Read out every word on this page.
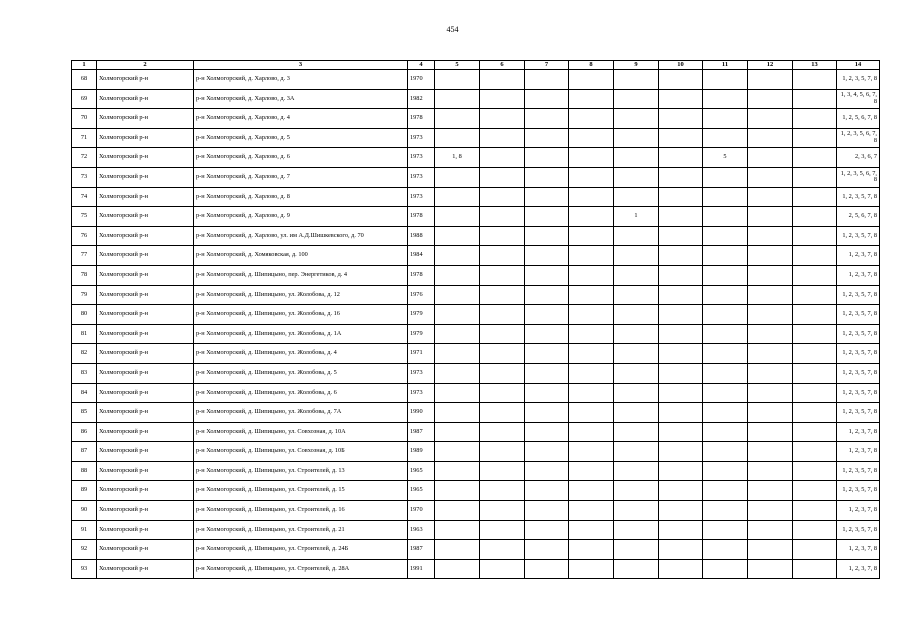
454
1	2	3	4	5	6	7	8	9	10	11	12	13	14
68	Холмогорский р-н	р-н Холмогорский, д. Харлово, д. 3	1970										1, 2, 3, 5, 7, 8
69	Холмогорский р-н	р-н Холмогорский, д. Харлово, д. 3А	1982										1, 3, 4, 5, 6, 7, 8
70	Холмогорский р-н	р-н Холмогорский, д. Харлово, д. 4	1978										1, 2, 5, 6, 7, 8
71	Холмогорский р-н	р-н Холмогорский, д. Харлово, д. 5	1973										1, 2, 3, 5, 6, 7, 8
72	Холмогорский р-н	р-н Холмогорский, д. Харлово, д. 6	1973	1, 8						5			2, 3, 6, 7
73	Холмогорский р-н	р-н Холмогорский, д. Харлово, д. 7	1973										1, 2, 3, 5, 6, 7, 8
74	Холмогорский р-н	р-н Холмогорский, д. Харлово, д. 8	1973										1, 2, 3, 5, 7, 8
75	Холмогорский р-н	р-н Холмогорский, д. Харлово, д. 9	1978					1					2, 5, 6, 7, 8
76	Холмогорский р-н	р-н Холмогорский, д. Харлово, ул. им А.Д.Шишкевского, д. 70	1988										1, 2, 3, 5, 7, 8
77	Холмогорский р-н	р-н Холмогорский, д. Хомяковская, д. 100	1984										1, 2, 3, 7, 8
78	Холмогорский р-н	р-н Холмогорский, д. Шипицыно, пер. Энергетиков, д. 4	1978										1, 2, 3, 7, 8
79	Холмогорский р-н	р-н Холмогорский, д. Шипицыно, ул. Жолобова, д. 12	1976										1, 2, 3, 5, 7, 8
80	Холмогорский р-н	р-н Холмогорский, д. Шипицыно, ул. Жолобова, д. 16	1979										1, 2, 3, 5, 7, 8
81	Холмогорский р-н	р-н Холмогорский, д. Шипицыно, ул. Жолобова, д. 1А	1979										1, 2, 3, 5, 7, 8
82	Холмогорский р-н	р-н Холмогорский, д. Шипицыно, ул. Жолобова, д. 4	1971										1, 2, 3, 5, 7, 8
83	Холмогорский р-н	р-н Холмогорский, д. Шипицыно, ул. Жолобова, д. 5	1973										1, 2, 3, 5, 7, 8
84	Холмогорский р-н	р-н Холмогорский, д. Шипицыно, ул. Жолобова, д. 6	1973										1, 2, 3, 5, 7, 8
85	Холмогорский р-н	р-н Холмогорский, д. Шипицыно, ул. Жолобова, д. 7А	1990										1, 2, 3, 5, 7, 8
86	Холмогорский р-н	р-н Холмогорский, д. Шипицыно, ул. Совхозная, д. 10А	1987										1, 2, 3, 7, 8
87	Холмогорский р-н	р-н Холмогорский, д. Шипицыно, ул. Совхозная, д. 10Б	1989										1, 2, 3, 7, 8
88	Холмогорский р-н	р-н Холмогорский, д. Шипицыно, ул. Строителей, д. 13	1965										1, 2, 3, 5, 7, 8
89	Холмогорский р-н	р-н Холмогорский, д. Шипицыно, ул. Строителей, д. 15	1965										1, 2, 3, 5, 7, 8
90	Холмогорский р-н	р-н Холмогорский, д. Шипицыно, ул. Строителей, д. 16	1970										1, 2, 3, 7, 8
91	Холмогорский р-н	р-н Холмогорский, д. Шипицыно, ул. Строителей, д. 21	1963										1, 2, 3, 5, 7, 8
92	Холмогорский р-н	р-н Холмогорский, д. Шипицыно, ул. Строителей, д. 24Б	1987										1, 2, 3, 7, 8
93	Холмогорский р-н	р-н Холмогорский, д. Шипицыно, ул. Строителей, д. 28А	1991										1, 2, 3, 7, 8
